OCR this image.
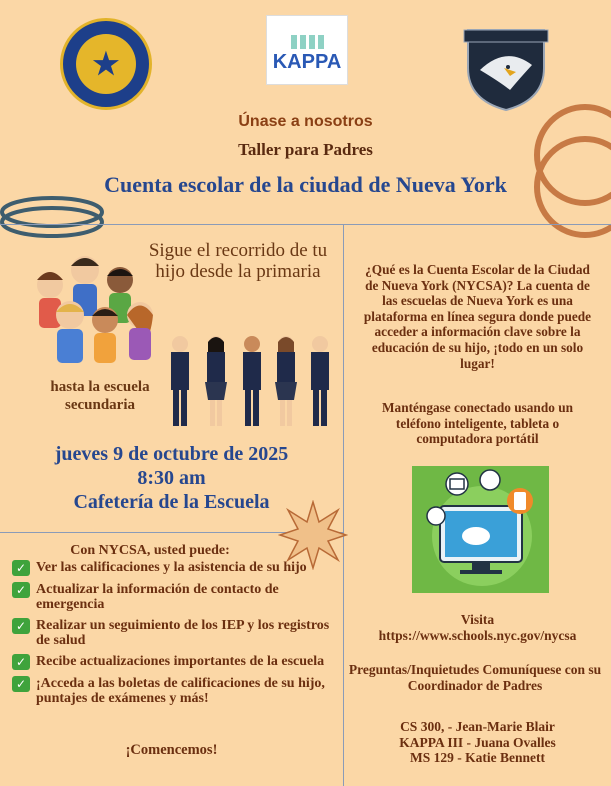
★	KAPPA
Únase a nosotros
Taller para Padres
Cuenta escolar de la ciudad de Nueva York
Sigue el recorrido de tu hijo desde la primaria
hasta la escuela secundaria
jueves 9 de octubre de 2025
8:30 am
Cafetería de la Escuela
Con NYCSA, usted puede:
✓ Ver las calificaciones y la asistencia de su hijo
✓ Actualizar la información de contacto de emergencia
✓ Realizar un seguimiento de los IEP y los registros de salud
✓ Recibe actualizaciones importantes de la escuela
✓ ¡Acceda a las boletas de calificaciones de su hijo, puntajes de exámenes y más!
¡Comencemos!
¿Qué es la Cuenta Escolar de la Ciudad de Nueva York (NYCSA)? La cuenta de las escuelas de Nueva York es una plataforma en línea segura donde puede acceder a información clave sobre la educación de su hijo, ¡todo en un solo lugar!
Manténgase conectado usando un teléfono inteligente, tableta o computadora portátil
Visita
https://www.schools.nyc.gov/nycsa
Preguntas/Inquietudes Comuníquese con su Coordinador de Padres
CS 300, - Jean-Marie Blair
KAPPA III - Juana Ovalles
MS 129 - Katie Bennett
